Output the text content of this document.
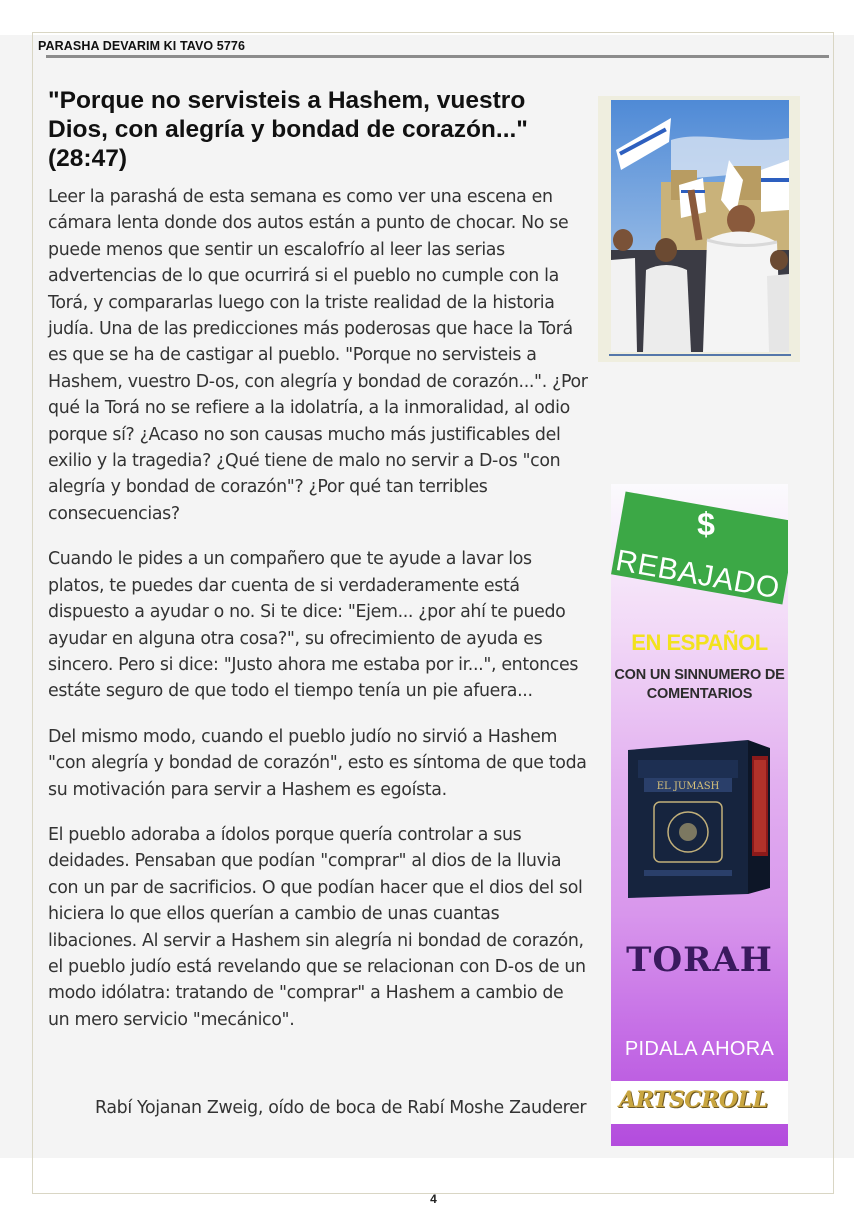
PARASHA DEVARIM KI TAVO 5776
"Porque no servisteis a Hashem, vuestro Dios, con alegría y bondad de corazón..." (28:47)

Leer la parashá de esta semana es como ver una escena en cámara lenta donde dos autos están a punto de chocar. No se puede menos que sentir un escalofrío al leer las serias advertencias de lo que ocurrirá si el pueblo no cumple con la Torá, y compararlas luego con la triste realidad de la historia judía. Una de las predicciones más poderosas que hace la Torá es que se ha de castigar al pueblo. "Porque no servisteis a Hashem, vuestro D-os, con alegría y bondad de corazón...". ¿Por qué la Torá no se refiere a la idolatría, a la inmoralidad, al odio porque sí? ¿Acaso no son causas mucho más justificables del exilio y la tragedia? ¿Qué tiene de malo no servir a D-os "con alegría y bondad de corazón"? ¿Por qué tan terribles consecuencias?

Cuando le pides a un compañero que te ayude a lavar los platos, te puedes dar cuenta de si verdaderamente está dispuesto a ayudar o no. Si te dice: "Ejem... ¿por ahí te puedo ayudar en alguna otra cosa?", su ofrecimiento de ayuda es sincero. Pero si dice: "Justo ahora me estaba por ir...", entonces estáte seguro de que todo el tiempo tenía un pie afuera...

Del mismo modo, cuando el pueblo judío no sirvió a Hashem "con alegría y bondad de corazón", esto es síntoma de que toda su motivación para servir a Hashem es egoísta.

El pueblo adoraba a ídolos porque quería controlar a sus deidades. Pensaban que podían "comprar" al dios de la lluvia con un par de sacrificios. O que podían hacer que el dios del sol hiciera lo que ellos querían a cambio de unas cuantas libaciones. Al servir a Hashem sin alegría ni bondad de corazón, el pueblo judío está revelando que se relacionan con D-os de un modo idólatra: tratando de "comprar" a Hashem a cambio de un mero servicio "mecánico".

Rabí Yojanan Zweig, oído de boca de Rabí Moshe Zauderer
$
REBAJADO
EN ESPAÑOL
CON UN SINNUMERO DE COMENTARIOS
EL JUMASH
TORAH
PIDALA AHORA
ARTSCROLL
4
